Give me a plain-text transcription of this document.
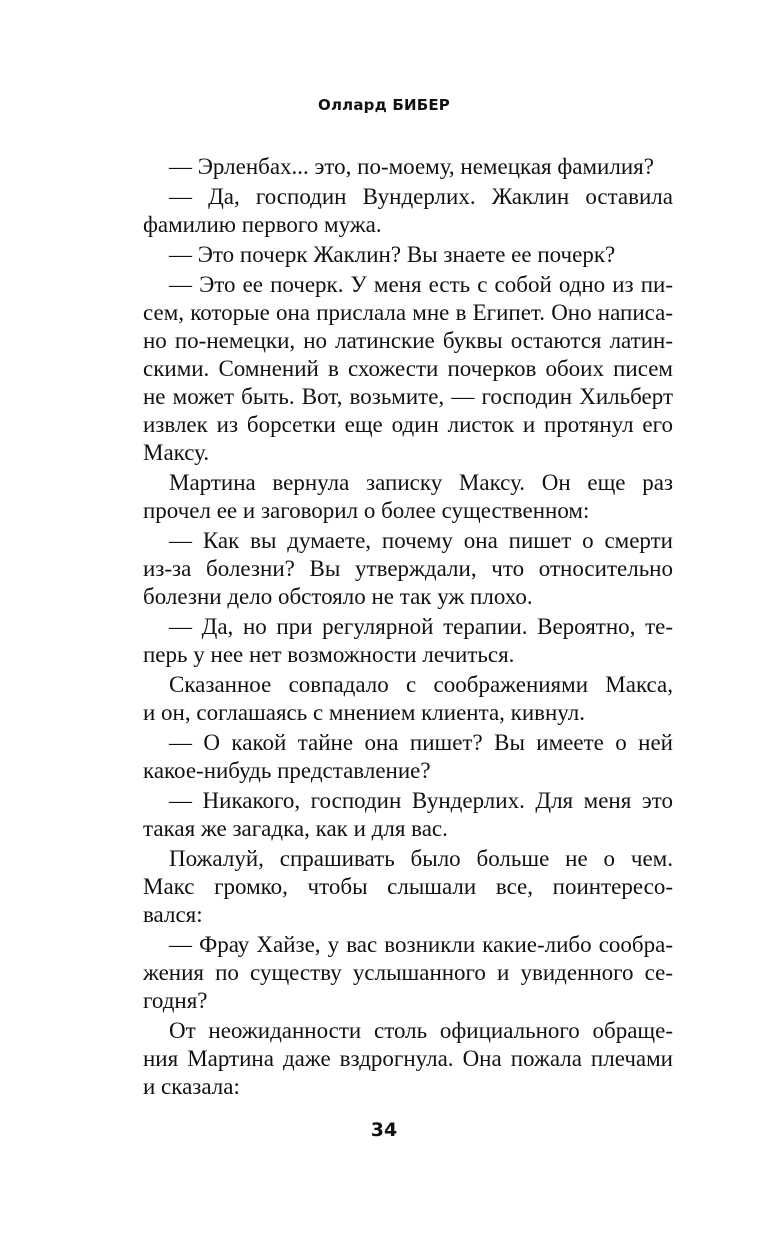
Оллард БИБЕР
— Эрленбах... это, по-моему, немецкая фамилия?
— Да, господин Вундерлих. Жаклин оставила
фамилию первого мужа.
— Это почерк Жаклин? Вы знаете ее почерк?
— Это ее почерк. У меня есть с собой одно из пи-
сем, которые она прислала мне в Египет. Оно написа-
но по-немецки, но латинские буквы остаются латин-
скими. Сомнений в схожести почерков обоих писем
не может быть. Вот, возьмите, — господин Хильберт
извлек из борсетки еще один листок и протянул его
Максу.
Мартина вернула записку Максу. Он еще раз
прочел ее и заговорил о более существенном:
— Как вы думаете, почему она пишет о смерти
из-за болезни? Вы утверждали, что относительно
болезни дело обстояло не так уж плохо.
— Да, но при регулярной терапии. Вероятно, те-
перь у нее нет возможности лечиться.
Сказанное совпадало с соображениями Макса,
и он, соглашаясь с мнением клиента, кивнул.
— О какой тайне она пишет? Вы имеете о ней
какое-нибудь представление?
— Никакого, господин Вундерлих. Для меня это
такая же загадка, как и для вас.
Пожалуй, спрашивать было больше не о чем.
Макс громко, чтобы слышали все, поинтересо-
вался:
— Фрау Хайзе, у вас возникли какие-либо сообра-
жения по существу услышанного и увиденного се-
годня?
От неожиданности столь официального обраще-
ния Мартина даже вздрогнула. Она пожала плечами
и сказала:
34
